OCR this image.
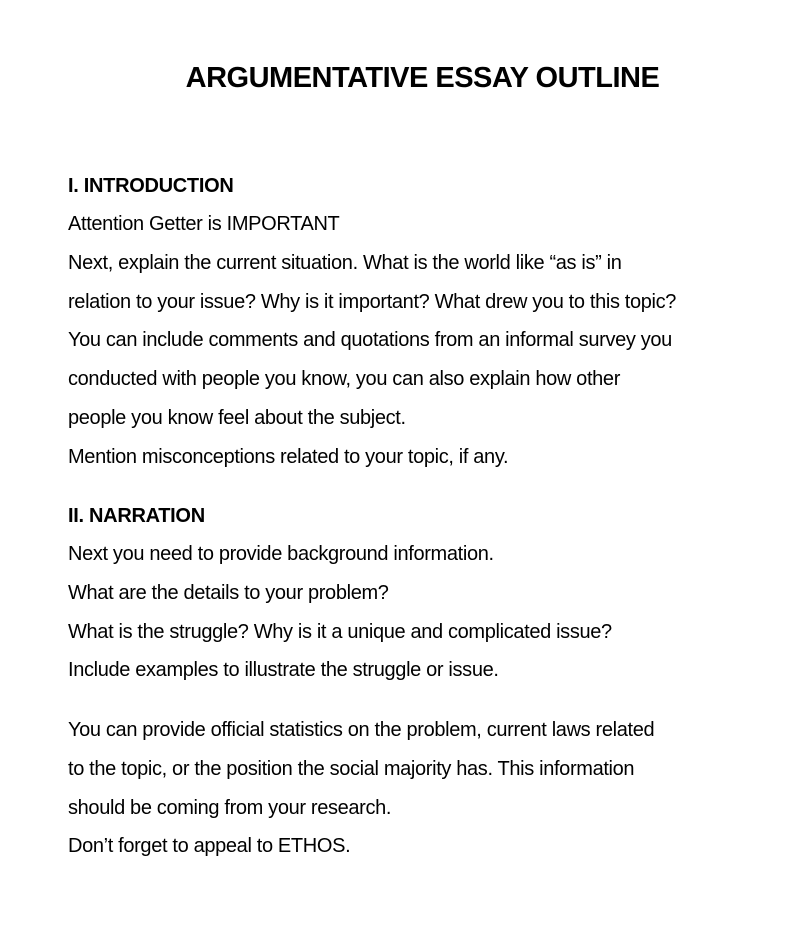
ARGUMENTATIVE ESSAY OUTLINE
I. INTRODUCTION
Attention Getter is IMPORTANT
Next, explain the current situation. What is the world like “as is” in
relation to your issue? Why is it important? What drew you to this topic?
You can include comments and quotations from an informal survey you
conducted with people you know, you can also explain how other
people you know feel about the subject.
Mention misconceptions related to your topic, if any.
II. NARRATION
Next you need to provide background information.
What are the details to your problem?
What is the struggle? Why is it a unique and complicated issue?
Include examples to illustrate the struggle or issue.
You can provide official statistics on the problem, current laws related
to the topic, or the position the social majority has. This information
should be coming from your research.
Don’t forget to appeal to ETHOS.
